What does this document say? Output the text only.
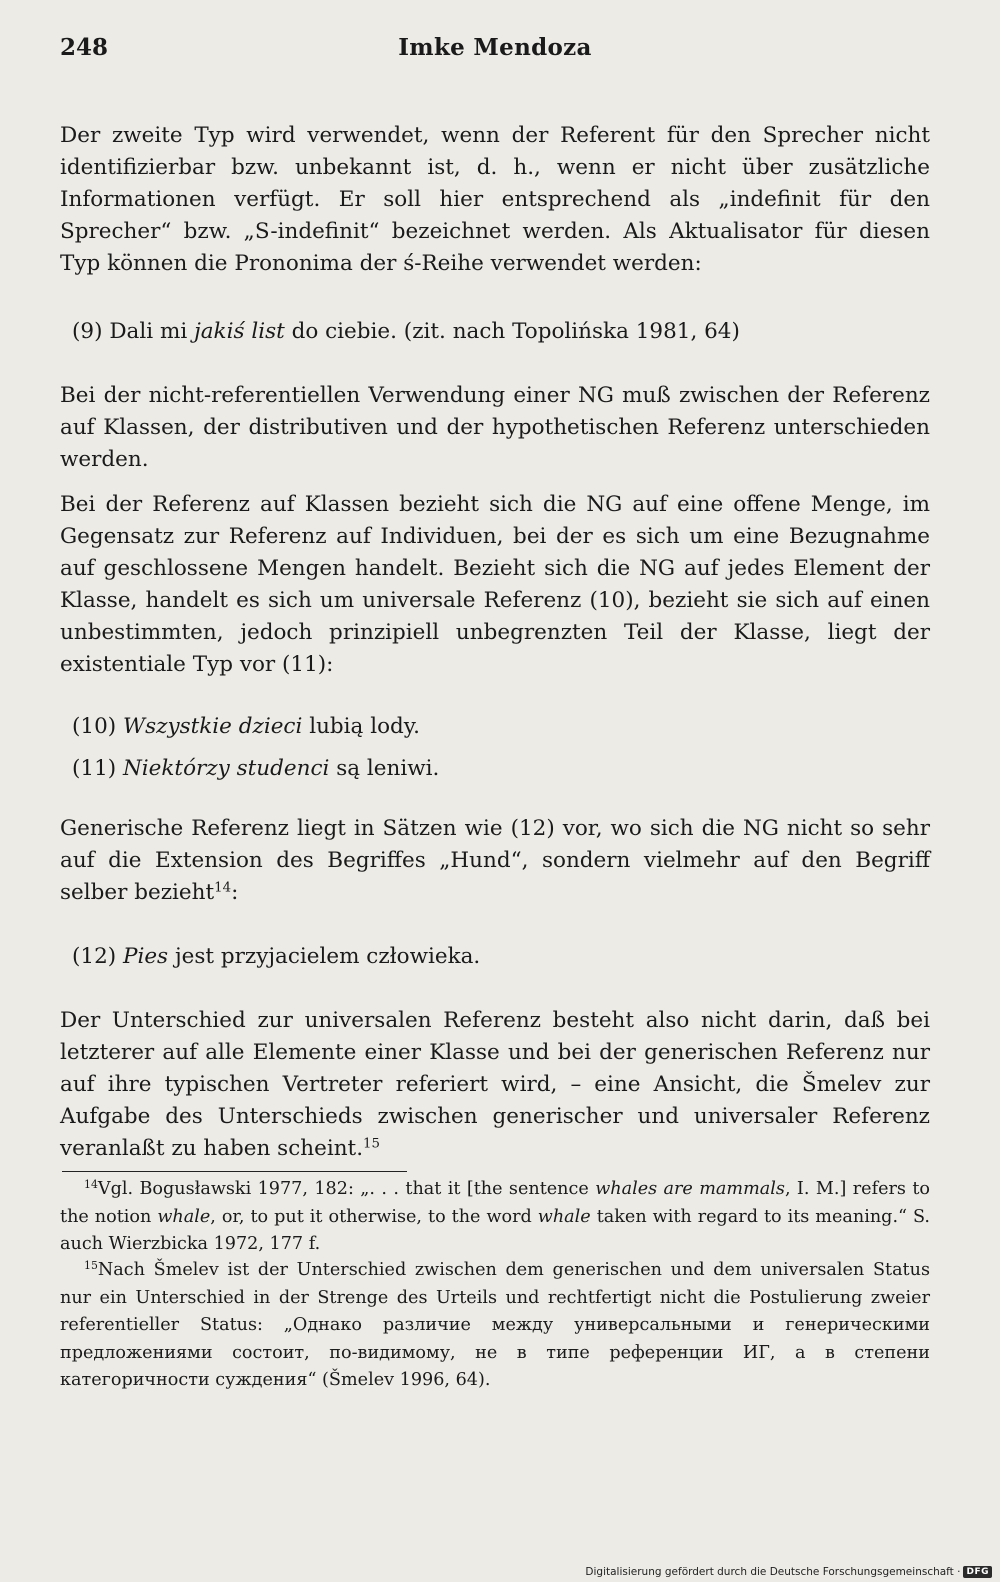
248	Imke Mendoza

Der zweite Typ wird verwendet, wenn der Referent für den Sprecher nicht identifizierbar bzw. unbekannt ist, d. h., wenn er nicht über zusätzliche Informationen verfügt. Er soll hier entsprechend als „indefinit für den Sprecher“ bzw. „S-indefinit“ bezeichnet werden. Als Aktualisator für diesen Typ können die Prononima der ś-Reihe verwendet werden:

(9) Dali mi jakiś list do ciebie. (zit. nach Topolińska 1981, 64)

Bei der nicht-referentiellen Verwendung einer NG muß zwischen der Referenz auf Klassen, der distributiven und der hypothetischen Referenz unterschieden werden.

Bei der Referenz auf Klassen bezieht sich die NG auf eine offene Menge, im Gegensatz zur Referenz auf Individuen, bei der es sich um eine Bezugnahme auf geschlossene Mengen handelt. Bezieht sich die NG auf jedes Element der Klasse, handelt es sich um universale Referenz (10), bezieht sie sich auf einen unbestimmten, jedoch prinzipiell unbegrenzten Teil der Klasse, liegt der existentiale Typ vor (11):

(10) Wszystkie dzieci lubią lody.
(11) Niektórzy studenci są leniwi.

Generische Referenz liegt in Sätzen wie (12) vor, wo sich die NG nicht so sehr auf die Extension des Begriffes „Hund“, sondern vielmehr auf den Begriff selber bezieht$^{14}$:

(12) Pies jest przyjacielem człowieka.

Der Unterschied zur universalen Referenz besteht also nicht darin, daß bei letzterer auf alle Elemente einer Klasse und bei der generischen Referenz nur auf ihre typischen Vertreter referiert wird, – eine Ansicht, die Šmelev zur Aufgabe des Unterschieds zwischen generischer und universaler Referenz veranlaßt zu haben scheint.$^{15}$

$^{14}$Vgl. Bogusławski 1977, 182: „. . . that it [the sentence whales are mammals, I. M.] refers to the notion whale, or, to put it otherwise, to the word whale taken with regard to its meaning.“ S. auch Wierzbicka 1972, 177 f.
$^{15}$Nach Šmelev ist der Unterschied zwischen dem generischen und dem universalen Status nur ein Unterschied in der Strenge des Urteils und rechtfertigt nicht die Postulierung zweier referentieller Status: „Однако различие между универсальными и генерическими предложениями состоит, по-видимому, не в типе референции ИГ, а в степени категоричности суждения“ (Šmelev 1996, 64).
Digitalisierung gefördert durch die Deutsche Forschungsgemeinschaft · DFG
